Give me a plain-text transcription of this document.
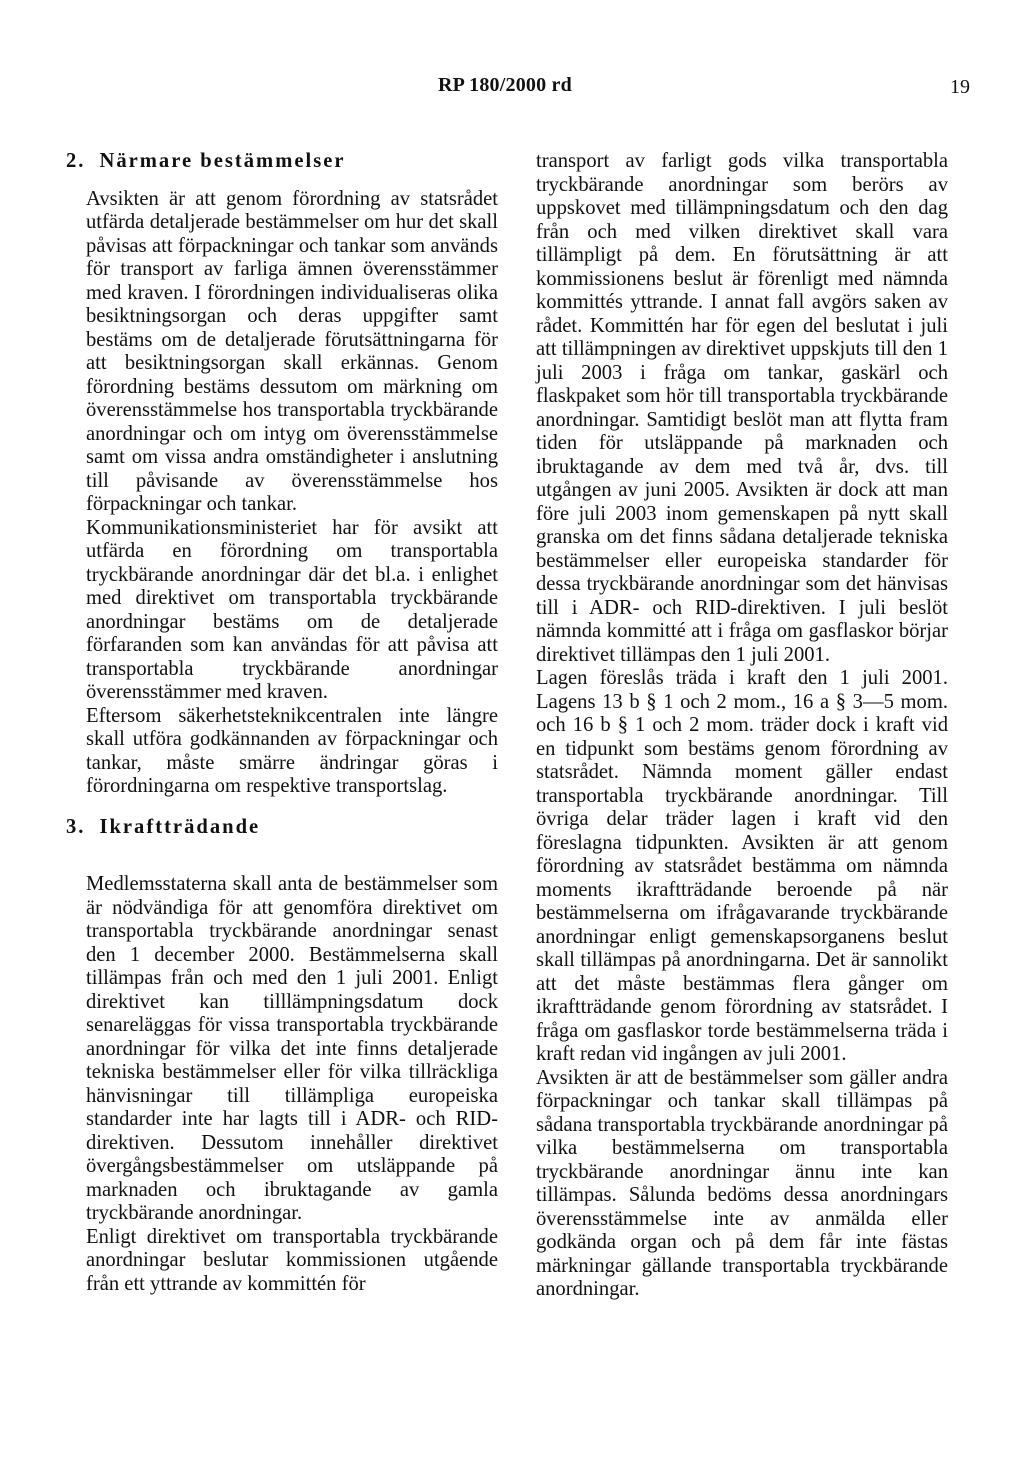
RP 180/2000 rd	19
2. Närmare bestämmelser

Avsikten är att genom förordning av statsrådet utfärda detaljerade bestämmelser om hur det skall påvisas att förpackningar och tankar som används för transport av farliga ämnen överensstämmer med kraven. I förordningen individualiseras olika besiktningsorgan och deras uppgifter samt bestäms om de detaljerade förutsättningarna för att besiktningsorgan skall erkännas. Genom förordning bestäms dessutom om märkning om överensstämmelse hos transportabla tryckbärande anordningar och om intyg om överensstämmelse samt om vissa andra omständigheter i anslutning till påvisande av överensstämmelse hos förpackningar och tankar.

Kommunikationsministeriet har för avsikt att utfärda en förordning om transportabla tryckbärande anordningar där det bl.a. i enlighet med direktivet om transportabla tryckbärande anordningar bestäms om de detaljerade förfaranden som kan användas för att påvisa att transportabla tryckbärande anordningar överensstämmer med kraven.

Eftersom säkerhetsteknikcentralen inte längre skall utföra godkännanden av förpackningar och tankar, måste smärre ändringar göras i förordningarna om respektive transportslag.

3. Ikraftträdande

Medlemsstaterna skall anta de bestämmelser som är nödvändiga för att genomföra direktivet om transportabla tryckbärande anordningar senast den 1 december 2000. Bestämmelserna skall tillämpas från och med den 1 juli 2001. Enligt direktivet kan tilllämpningsdatum dock senareläggas för vissa transportabla tryckbärande anordningar för vilka det inte finns detaljerade tekniska bestämmelser eller för vilka tillräckliga hänvisningar till tillämpliga europeiska standarder inte har lagts till i ADR- och RID-direktiven. Dessutom innehåller direktivet övergångsbestämmelser om utsläppande på marknaden och ibruktagande av gamla tryckbärande anordningar.

Enligt direktivet om transportabla tryckbärande anordningar beslutar kommissionen utgående från ett yttrande av kommittén för

transport av farligt gods vilka transportabla tryckbärande anordningar som berörs av uppskovet med tillämpningsdatum och den dag från och med vilken direktivet skall vara tillämpligt på dem. En förutsättning är att kommissionens beslut är förenligt med nämnda kommittés yttrande. I annat fall avgörs saken av rådet. Kommittén har för egen del beslutat i juli att tillämpningen av direktivet uppskjuts till den 1 juli 2003 i fråga om tankar, gaskärl och flaskpaket som hör till transportabla tryckbärande anordningar. Samtidigt beslöt man att flytta fram tiden för utsläppande på marknaden och ibruktagande av dem med två år, dvs. till utgången av juni 2005. Avsikten är dock att man före juli 2003 inom gemenskapen på nytt skall granska om det finns sådana detaljerade tekniska bestämmelser eller europeiska standarder för dessa tryckbärande anordningar som det hänvisas till i ADR- och RID-direktiven. I juli beslöt nämnda kommitté att i fråga om gasflaskor börjar direktivet tillämpas den 1 juli 2001.

Lagen föreslås träda i kraft den 1 juli 2001. Lagens 13 b § 1 och 2 mom., 16 a § 3—5 mom. och 16 b § 1 och 2 mom. träder dock i kraft vid en tidpunkt som bestäms genom förordning av statsrådet. Nämnda moment gäller endast transportabla tryckbärande anordningar. Till övriga delar träder lagen i kraft vid den föreslagna tidpunkten. Avsikten är att genom förordning av statsrådet bestämma om nämnda moments ikraftträdande beroende på när bestämmelserna om ifrågavarande tryckbärande anordningar enligt gemenskapsorganens beslut skall tillämpas på anordningarna. Det är sannolikt att det måste bestämmas flera gånger om ikraftträdande genom förordning av statsrådet. I fråga om gasflaskor torde bestämmelserna träda i kraft redan vid ingången av juli 2001.

Avsikten är att de bestämmelser som gäller andra förpackningar och tankar skall tillämpas på sådana transportabla tryckbärande anordningar på vilka bestämmelserna om transportabla tryckbärande anordningar ännu inte kan tillämpas. Sålunda bedöms dessa anordningars överensstämmelse inte av anmälda eller godkända organ och på dem får inte fästas märkningar gällande transportabla tryckbärande anordningar.
